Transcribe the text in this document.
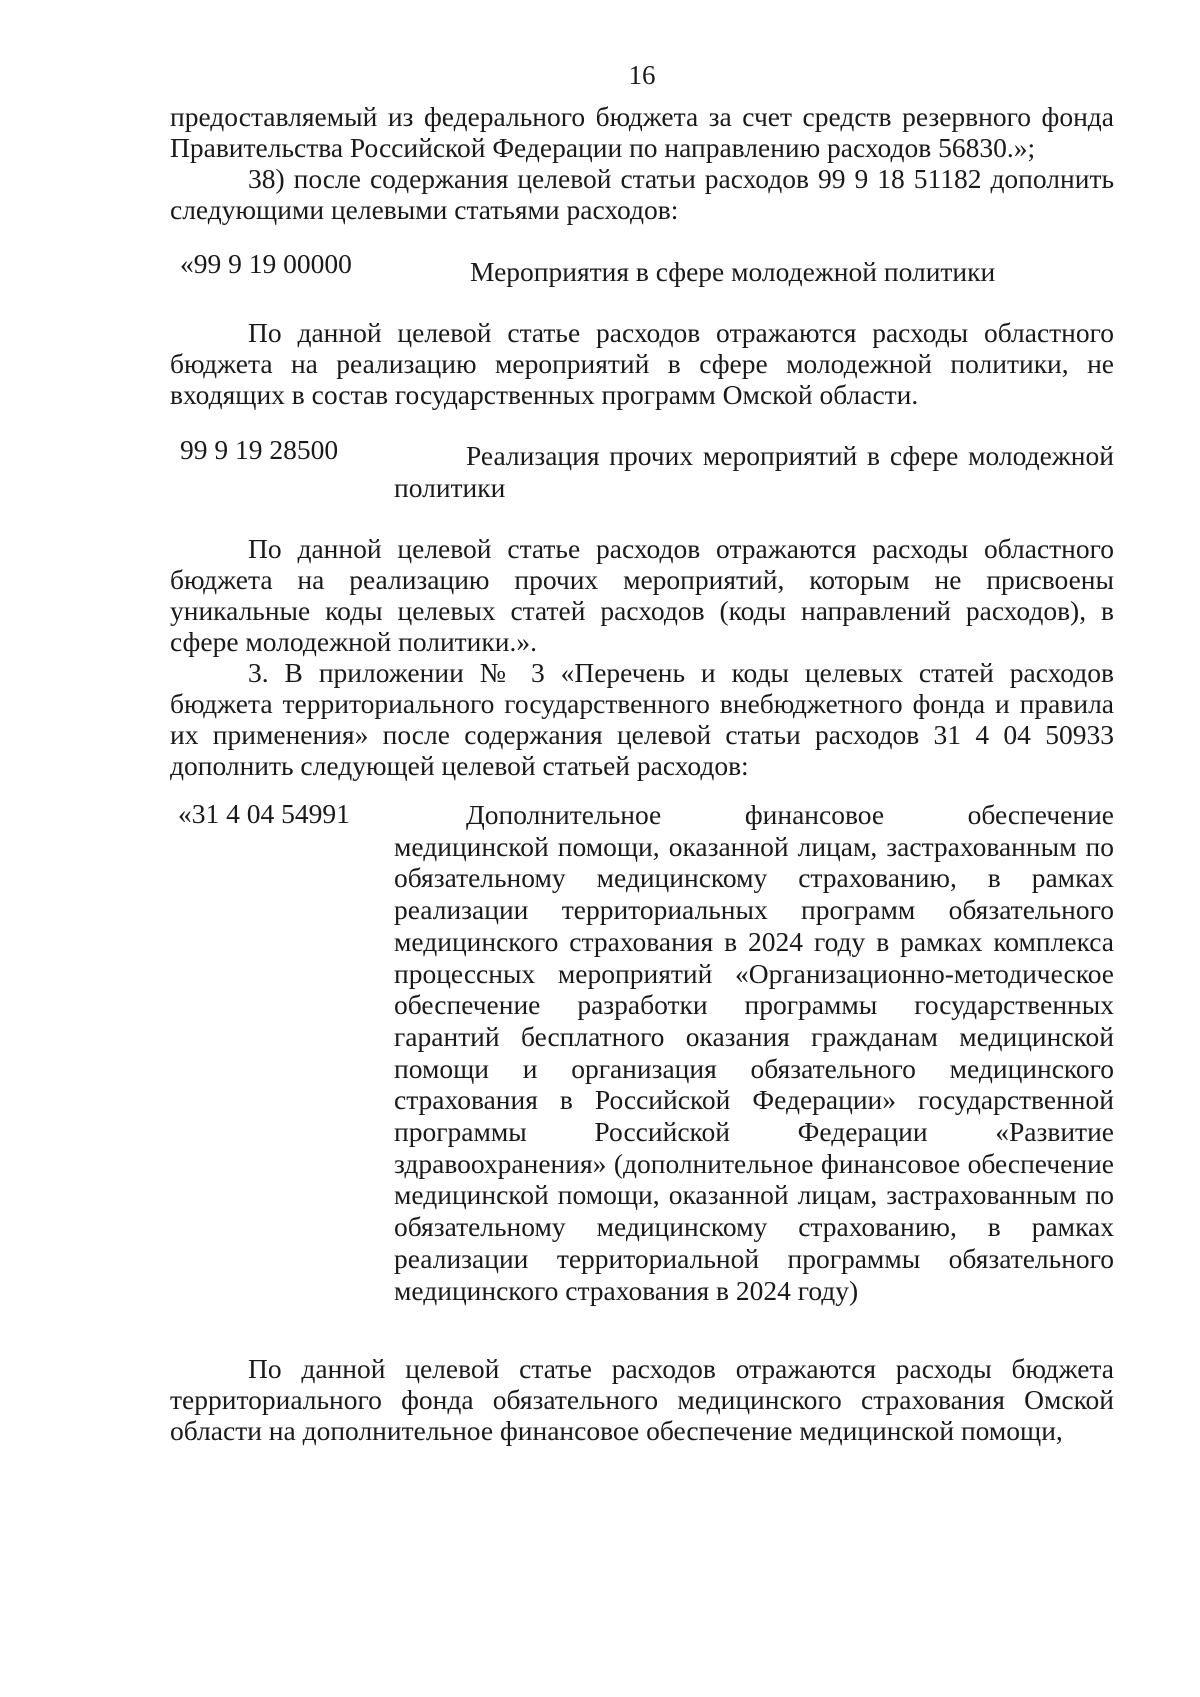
16

предоставляемый из федерального бюджета за счет средств резервного фонда Правительства Российской Федерации по направлению расходов 56830.»;

38) после содержания целевой статьи расходов 99 9 18 51182 дополнить следующими целевыми статьями расходов:

«99 9 19 00000	Мероприятия в сфере молодежной политики

По данной целевой статье расходов отражаются расходы областного бюджета на реализацию мероприятий в сфере молодежной политики, не входящих в состав государственных программ Омской области.

99 9 19 28500	Реализация прочих мероприятий в сфере молодежной политики

По данной целевой статье расходов отражаются расходы областного бюджета на реализацию прочих мероприятий, которым не присвоены уникальные коды целевых статей расходов (коды направлений расходов), в сфере молодежной политики.».

3. В приложении № 3 «Перечень и коды целевых статей расходов бюджета территориального государственного внебюджетного фонда и правила их применения» после содержания целевой статьи расходов 31 4 04 50933 дополнить следующей целевой статьей расходов:

«31 4 04 54991	Дополнительное финансовое обеспечение медицинской помощи, оказанной лицам, застрахованным по обязательному медицинскому страхованию, в рамках реализации территориальных программ обязательного медицинского страхования в 2024 году в рамках комплекса процессных мероприятий «Организационно-методическое обеспечение разработки программы государственных гарантий бесплатного оказания гражданам медицинской помощи и организация обязательного медицинского страхования в Российской Федерации» государственной программы Российской Федерации «Развитие здравоохранения» (дополнительное финансовое обеспечение медицинской помощи, оказанной лицам, застрахованным по обязательному медицинскому страхованию, в рамках реализации территориальной программы обязательного медицинского страхования в 2024 году)

По данной целевой статье расходов отражаются расходы бюджета территориального фонда обязательного медицинского страхования Омской области на дополнительное финансовое обеспечение медицинской помощи,
